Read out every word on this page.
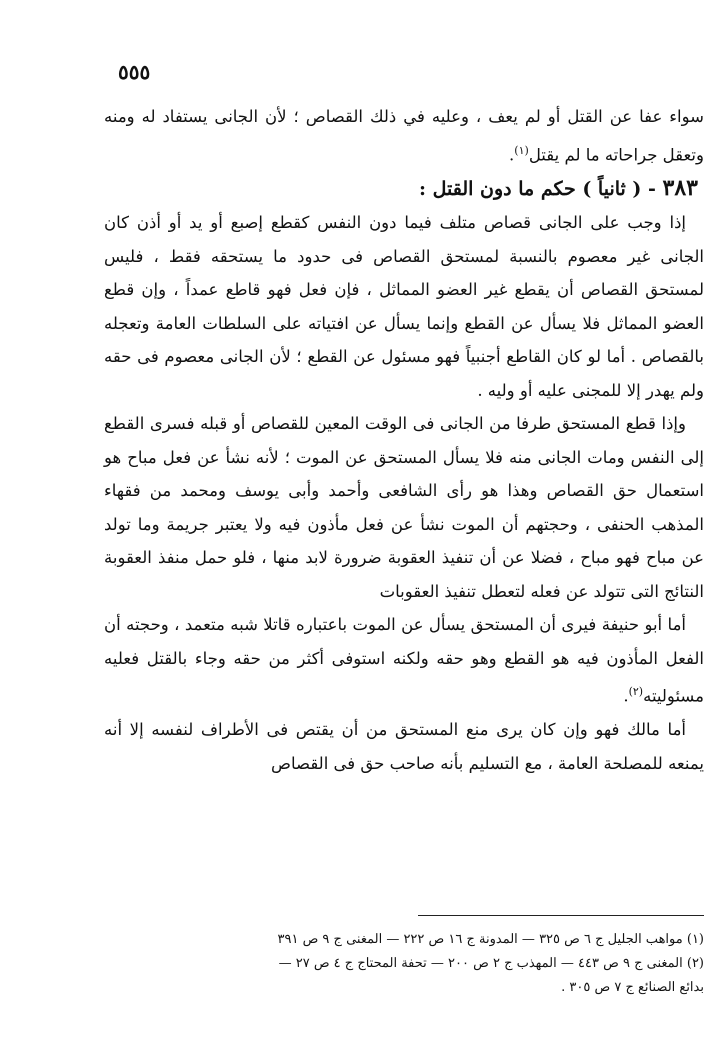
٥٥٥

سواء عفا عن القتل أو لم يعف ، وعليه في ذلك القصاص ؛ لأن الجانى يستفاد له ومنه وتعقل جراحاته ما لم يقتل$^{(١)}$.

٣٨٣ - ( ثانياً ) حكم ما دون القتل :

إذا وجب على الجانى قصاص متلف فيما دون النفس كقطع إصبع أو يد أو أذن كان الجانى غير معصوم بالنسبة لمستحق القصاص فى حدود ما يستحقه فقط ، فليس لمستحق القصاص أن يقطع غير العضو المماثل ، فإن فعل فهو قاطع عمداً ، وإن قطع العضو المماثل فلا يسأل عن القطع وإنما يسأل عن افتياته على السلطات العامة وتعجله بالقصاص . أما لو كان القاطع أجنبياً فهو مسئول عن القطع ؛ لأن الجانى معصوم فى حقه ولم يهدر إلا للمجنى عليه أو وليه .

وإذا قطع المستحق طرفا من الجانى فى الوقت المعين للقصاص أو قبله فسرى القطع إلى النفس ومات الجانى منه فلا يسأل المستحق عن الموت ؛ لأنه نشأ عن فعل مباح هو استعمال حق القصاص وهذا هو رأى الشافعى وأحمد وأبى يوسف ومحمد من فقهاء المذهب الحنفى ، وحجتهم أن الموت نشأ عن فعل مأذون فيه ولا يعتبر جريمة وما تولد عن مباح فهو مباح ، فضلا عن أن تنفيذ العقوبة ضرورة لابد منها ، فلو حمل منفذ العقوبة النتائج التى تتولد عن فعله لتعطل تنفيذ العقوبات

أما أبو حنيفة فيرى أن المستحق يسأل عن الموت باعتباره قاتلا شبه متعمد ، وحجته أن الفعل المأذون فيه هو القطع وهو حقه ولكنه استوفى أكثر من حقه وجاء بالقتل فعليه مسئوليته$^{(٢)}$.

أما مالك فهو وإن كان يرى منع المستحق من أن يقتص فى الأطراف لنفسه إلا أنه يمنعه للمصلحة العامة ، مع التسليم بأنه صاحب حق فى القصاص

(١) مواهب الجليل ج ٦ ص ٣٢٥ — المدونة ج ١٦ ص ٢٢٢ — المغنى ج ٩ ص ٣٩١
(٢) المغنى ج ٩ ص ٤٤٣ — المهذب ج ٢ ص ٢٠٠ — تحفة المحتاج ج ٤ ص ٢٧ —
بدائع الصنائع ج ٧ ص ٣٠٥ .
